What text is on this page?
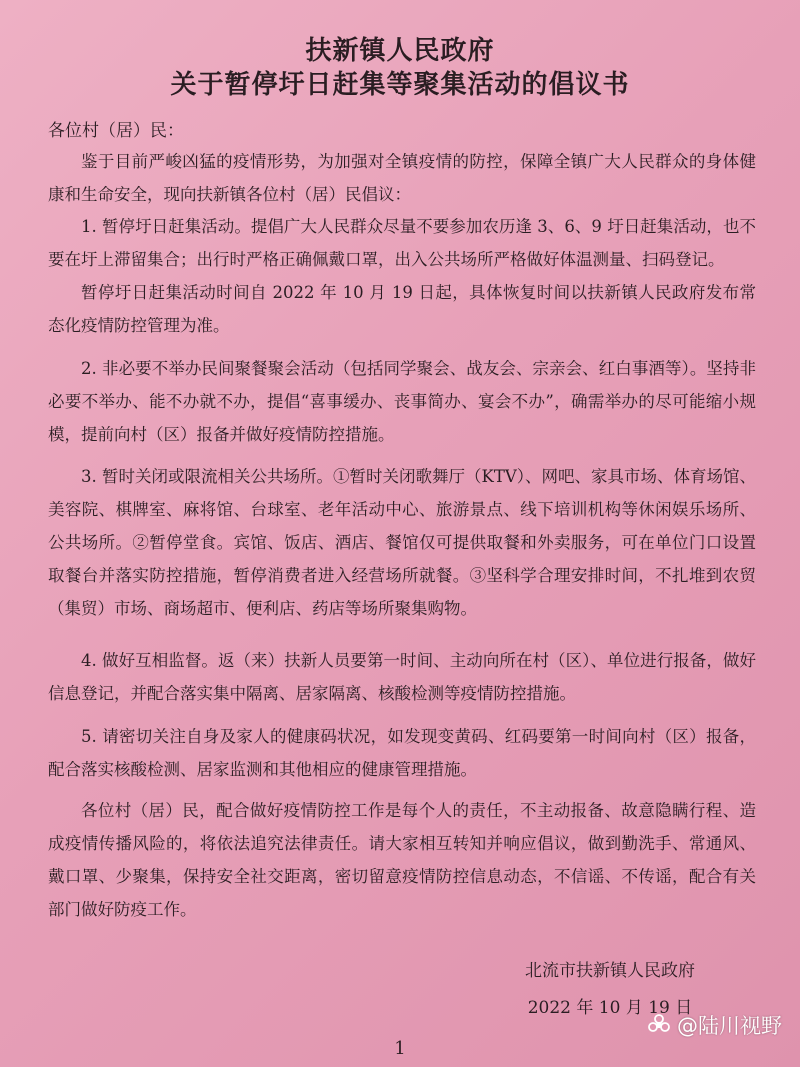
扶新镇人民政府
关于暂停圩日赶集等聚集活动的倡议书
各位村（居）民：

鉴于目前严峻凶猛的疫情形势，为加强对全镇疫情的防控，保障全镇广大人民群众的身体健康和生命安全，现向扶新镇各位村（居）民倡议：

1. 暂停圩日赶集活动。提倡广大人民群众尽量不要参加农历逢 3、6、9 圩日赶集活动，也不要在圩上滞留集合；出行时严格正确佩戴口罩，出入公共场所严格做好体温测量、扫码登记。

暂停圩日赶集活动时间自 2022 年 10 月 19 日起，具体恢复时间以扶新镇人民政府发布常态化疫情防控管理为准。

2. 非必要不举办民间聚餐聚会活动（包括同学聚会、战友会、宗亲会、红白事酒等）。坚持非必要不举办、能不办就不办，提倡“喜事缓办、丧事简办、宴会不办”，确需举办的尽可能缩小规模，提前向村（区）报备并做好疫情防控措施。

3. 暂时关闭或限流相关公共场所。①暂时关闭歌舞厅（KTV）、网吧、家具市场、体育场馆、美容院、棋牌室、麻将馆、台球室、老年活动中心、旅游景点、线下培训机构等休闲娱乐场所、公共场所。②暂停堂食。宾馆、饭店、酒店、餐馆仅可提供取餐和外卖服务，可在单位门口设置取餐台并落实防控措施，暂停消费者进入经营场所就餐。③坚科学合理安排时间，不扎堆到农贸（集贸）市场、商场超市、便利店、药店等场所聚集购物。

4. 做好互相监督。返（来）扶新人员要第一时间、主动向所在村（区）、单位进行报备，做好信息登记，并配合落实集中隔离、居家隔离、核酸检测等疫情防控措施。

5. 请密切关注自身及家人的健康码状况，如发现变黄码、红码要第一时间向村（区）报备，配合落实核酸检测、居家监测和其他相应的健康管理措施。

各位村（居）民，配合做好疫情防控工作是每个人的责任，不主动报备、故意隐瞒行程、造成疫情传播风险的，将依法追究法律责任。请大家相互转知并响应倡议，做到勤洗手、常通风、戴口罩、少聚集，保持安全社交距离，密切留意疫情防控信息动态，不信谣、不传谣，配合有关部门做好防疫工作。

北流市扶新镇人民政府
2022 年 10 月 19 日
1
@陆川视野
